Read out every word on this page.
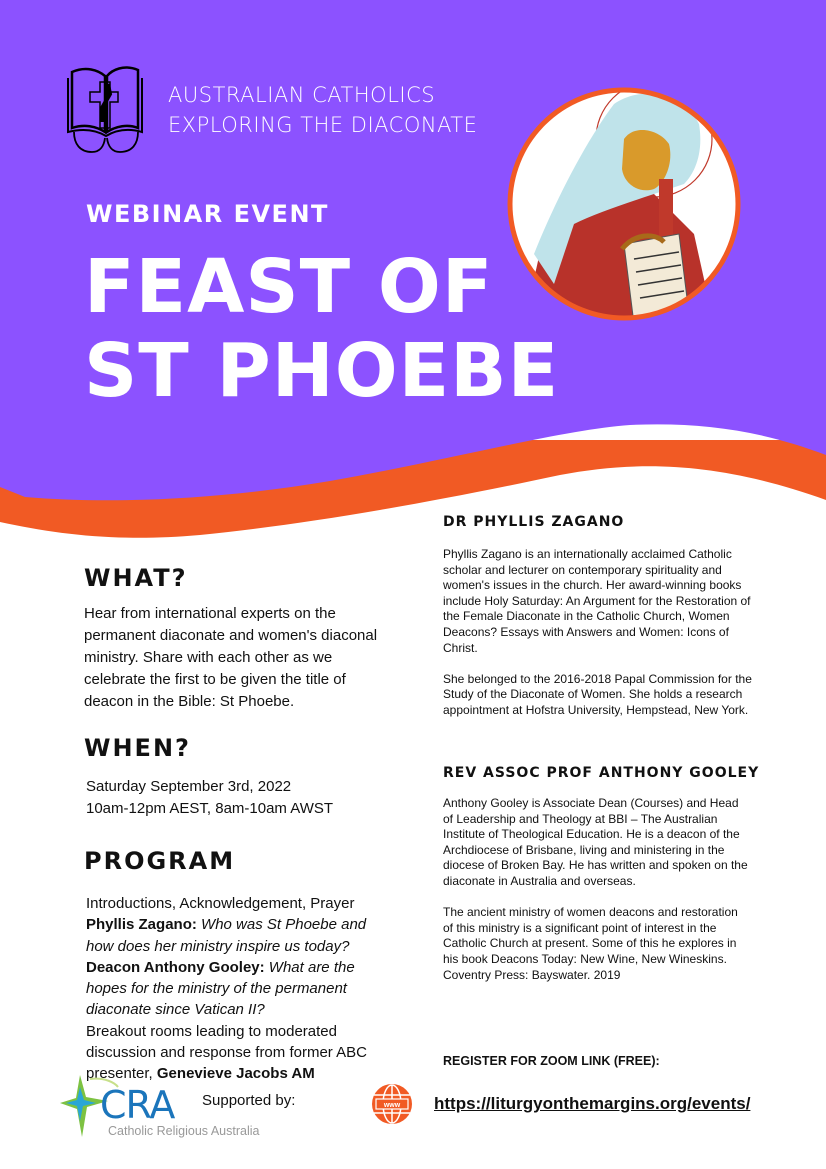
AUSTRALIAN CATHOLICS
EXPLORING THE DIACONATE
WEBINAR EVENT
FEAST OF
ST PHOEBE
WHAT?
Hear from international experts on the permanent diaconate and women's diaconal ministry. Share with each other as we celebrate the first to be given the title of deacon in the Bible: St Phoebe.
WHEN?
Saturday September 3rd, 2022
10am-12pm AEST, 8am-10am AWST
PROGRAM
Introductions, Acknowledgement, Prayer
Phyllis Zagano: Who was St Phoebe and how does her ministry inspire us today?
Deacon Anthony Gooley: What are the hopes for the ministry of the permanent diaconate since Vatican II?
Breakout rooms leading to moderated discussion and response from former ABC presenter, Genevieve Jacobs AM
DR PHYLLIS ZAGANO

Phyllis Zagano is an internationally acclaimed Catholic scholar and lecturer on contemporary spirituality and women's issues in the church. Her award-winning books include Holy Saturday: An Argument for the Restoration of the Female Diaconate in the Catholic Church, Women Deacons? Essays with Answers and Women: Icons of Christ.

She belonged to the 2016-2018 Papal Commission for the Study of the Diaconate of Women. She holds a research appointment at Hofstra University, Hempstead, New York.

REV ASSOC PROF ANTHONY GOOLEY

Anthony Gooley is Associate Dean (Courses) and Head of Leadership and Theology at BBI – The Australian Institute of Theological Education. He is a deacon of the Archdiocese of Brisbane, living and ministering in the diocese of Broken Bay. He has written and spoken on the diaconate in Australia and overseas.

The ancient ministry of women deacons and restoration of this ministry is a significant point of interest in the Catholic Church at present. Some of this he explores in his book Deacons Today: New Wine, New Wineskins. Coventry Press: Bayswater. 2019

REGISTER FOR ZOOM LINK (FREE):
CRA
Catholic Religious Australia
Supported by:	www https://liturgyonthemargins.org/events/
